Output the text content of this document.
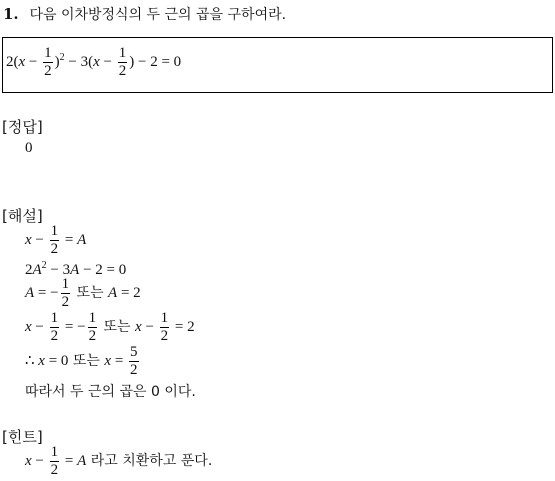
1. 다음 이차방정식의 두 근의 곱을 구하여라.
$2(x - \frac{1}{2} )^2 - 3(x - \frac{1}{2}$ ) − 2 = 0
[정답]
0
[해설]
$x - \frac{1}{2} = A$
$2A^2 - 3A - 2 = 0$
A = − $\frac{1}{2}$ 또는 A = 2
$x - \frac{1}{2}$ = − $\frac{1}{2}$ 또는 $x - \frac{1}{2} = 2$
∴ x = 0 또는 $x = \frac{5}{2}$
따라서 두 근의 곱은 0 이다.
[힌트]
$x - \frac{1}{2} = A$ 라고 치환하고 푼다.
